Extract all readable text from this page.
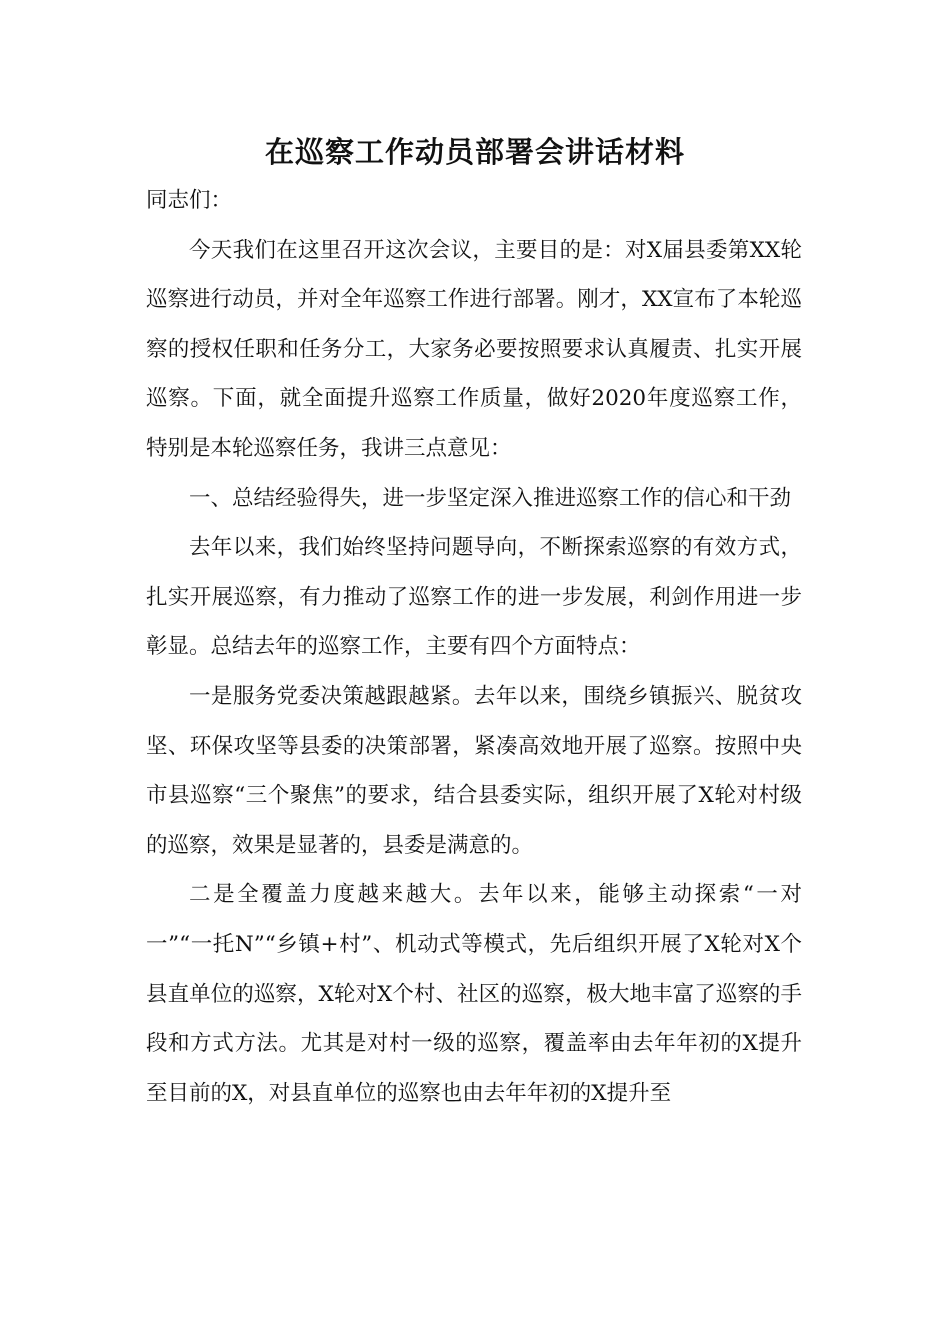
在巡察工作动员部署会讲话材料

同志们：

今天我们在这里召开这次会议，主要目的是：对X届县委第XX轮巡察进行动员，并对全年巡察工作进行部署。刚才，XX宣布了本轮巡察的授权任职和任务分工，大家务必要按照要求认真履责、扎实开展巡察。下面，就全面提升巡察工作质量，做好2020年度巡察工作，特别是本轮巡察任务，我讲三点意见：

一、总结经验得失，进一步坚定深入推进巡察工作的信心和干劲

去年以来，我们始终坚持问题导向，不断探索巡察的有效方式，扎实开展巡察，有力推动了巡察工作的进一步发展，利剑作用进一步彰显。总结去年的巡察工作，主要有四个方面特点：

一是服务党委决策越跟越紧。去年以来，围绕乡镇振兴、脱贫攻坚、环保攻坚等县委的决策部署，紧凑高效地开展了巡察。按照中央市县巡察“三个聚焦”的要求，结合县委实际，组织开展了X轮对村级的巡察，效果是显著的，县委是满意的。

二是全覆盖力度越来越大。去年以来，能够主动探索“一对一”“一托N”“乡镇+村”、机动式等模式，先后组织开展了X轮对X个县直单位的巡察，X轮对X个村、社区的巡察，极大地丰富了巡察的手段和方式方法。尤其是对村一级的巡察，覆盖率由去年年初的X提升至目前的X，对县直单位的巡察也由去年年初的X提升至
